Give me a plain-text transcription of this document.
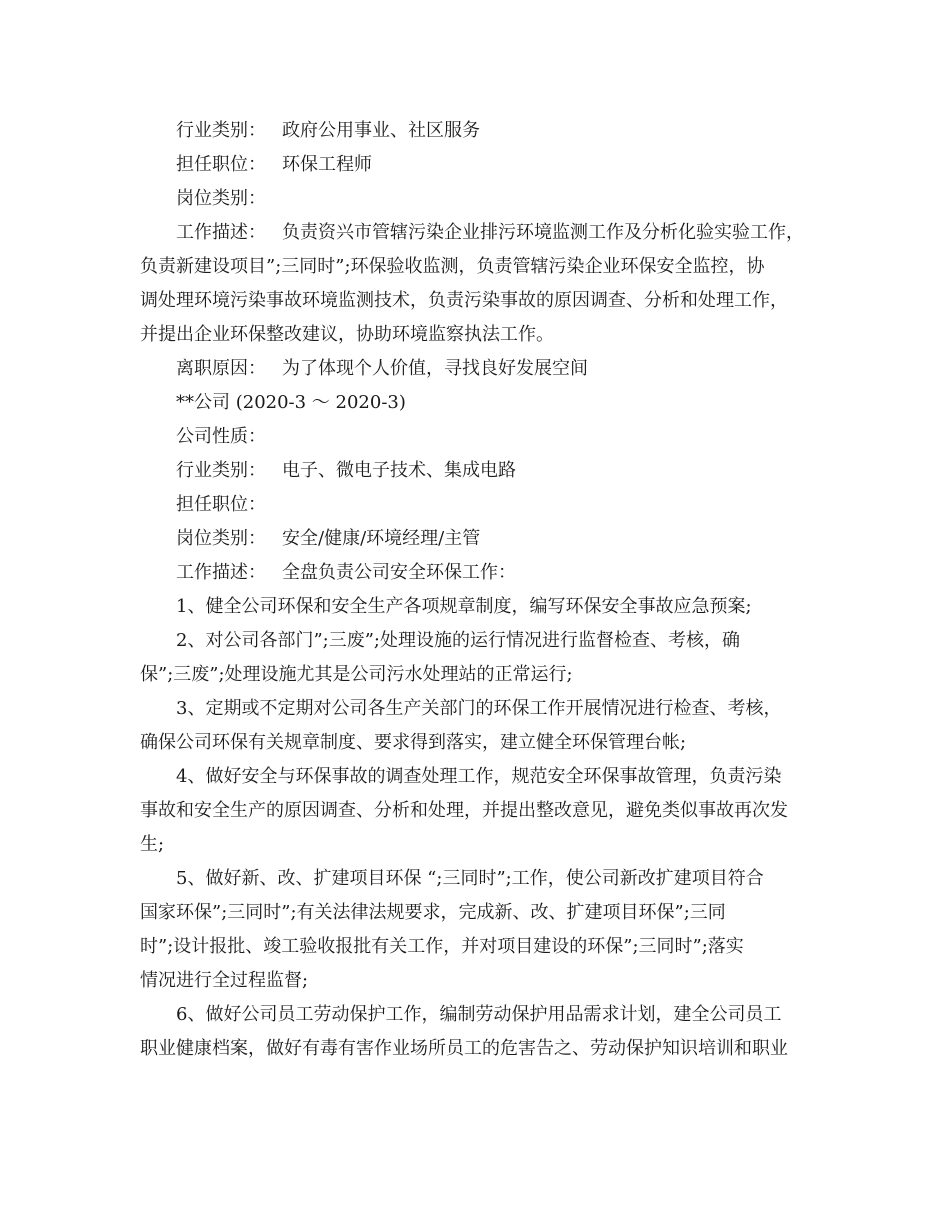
行业类别： 政府公用事业、社区服务

担任职位： 环保工程师

岗位类别：

工作描述： 负责资兴市管辖污染企业排污环境监测工作及分析化验实验工作，

负责新建设项目”;三同时”;环保验收监测，负责管辖污染企业环保安全监控，协

调处理环境污染事故环境监测技术，负责污染事故的原因调查、分析和处理工作，

并提出企业环保整改建议，协助环境监察执法工作。

离职原因： 为了体现个人价值，寻找良好发展空间

**公司 (2020-3 ～ 2020-3)

公司性质：

行业类别： 电子、微电子技术、集成电路

担任职位：

岗位类别： 安全/健康/环境经理/主管

工作描述： 全盘负责公司安全环保工作：

1、健全公司环保和安全生产各项规章制度，编写环保安全事故应急预案;

2、对公司各部门”;三废”;处理设施的运行情况进行监督检查、考核，确

保”;三废”;处理设施尤其是公司污水处理站的正常运行;

3、定期或不定期对公司各生产关部门的环保工作开展情况进行检查、考核，

确保公司环保有关规章制度、要求得到落实，建立健全环保管理台帐;

4、做好安全与环保事故的调查处理工作，规范安全环保事故管理，负责污染

事故和安全生产的原因调查、分析和处理，并提出整改意见，避免类似事故再次发

生;

5、做好新、改、扩建项目环保 “;三同时”;工作，使公司新改扩建项目符合

国家环保”;三同时”;有关法律法规要求，完成新、改、扩建项目环保”;三同

时”;设计报批、竣工验收报批有关工作，并对项目建设的环保”;三同时”;落实

情况进行全过程监督;

6、做好公司员工劳动保护工作，编制劳动保护用品需求计划，建全公司员工

职业健康档案，做好有毒有害作业场所员工的危害告之、劳动保护知识培训和职业
